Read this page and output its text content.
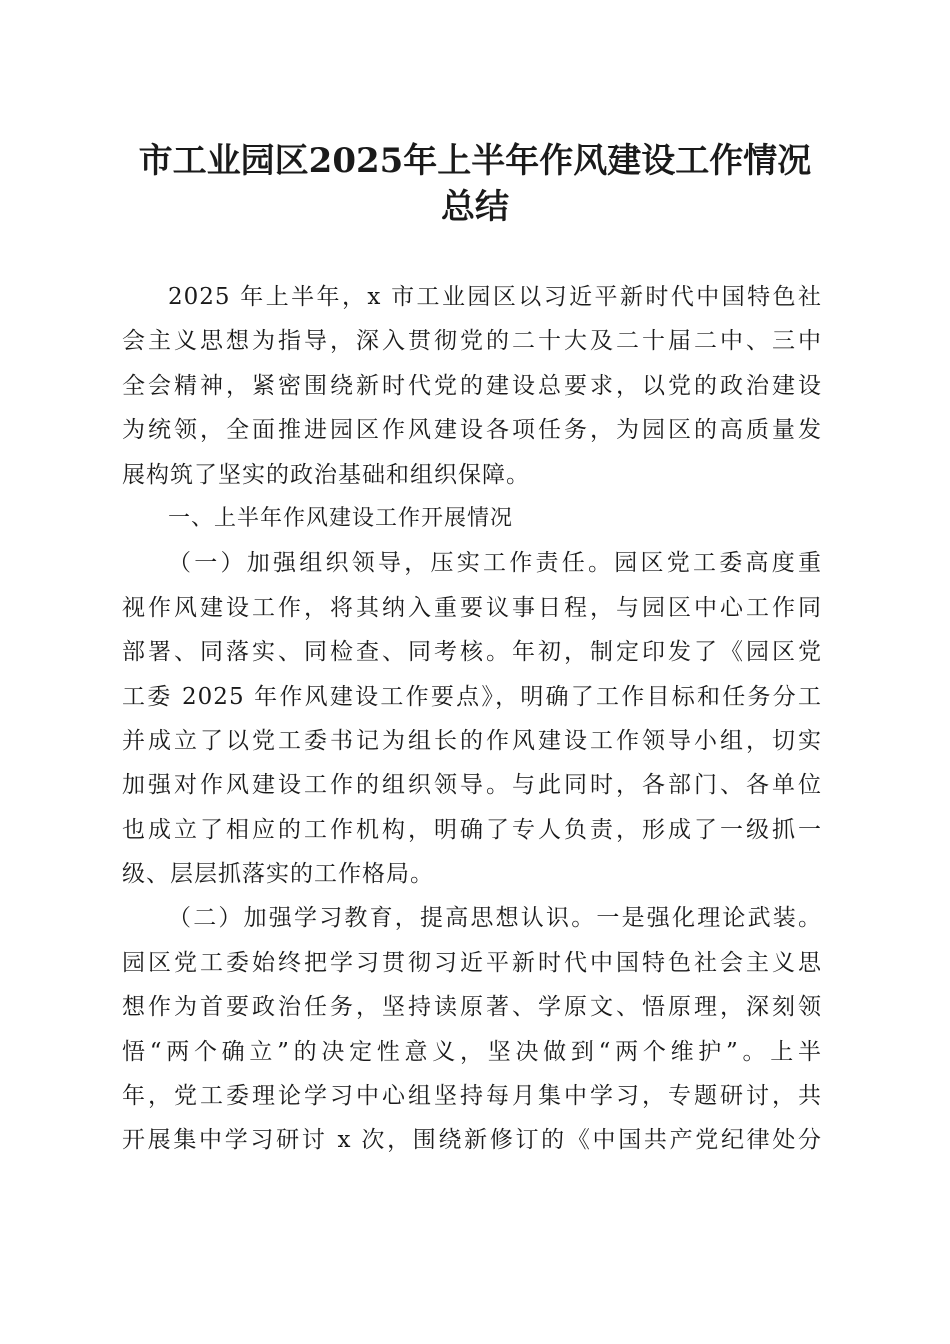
市工业园区2025年上半年作风建设工作情况
总结
2025 年上半年，x 市工业园区以习近平新时代中国特色社
会主义思想为指导，深入贯彻党的二十大及二十届二中、三中
全会精神，紧密围绕新时代党的建设总要求，以党的政治建设
为统领，全面推进园区作风建设各项任务，为园区的高质量发
展构筑了坚实的政治基础和组织保障。
一、上半年作风建设工作开展情况
（一）加强组织领导，压实工作责任。园区党工委高度重
视作风建设工作，将其纳入重要议事日程，与园区中心工作同
部署、同落实、同检查、同考核。年初，制定印发了《园区党
工委 2025 年作风建设工作要点》，明确了工作目标和任务分工
并成立了以党工委书记为组长的作风建设工作领导小组，切实
加强对作风建设工作的组织领导。与此同时，各部门、各单位
也成立了相应的工作机构，明确了专人负责，形成了一级抓一
级、层层抓落实的工作格局。
（二）加强学习教育，提高思想认识。一是强化理论武装。
园区党工委始终把学习贯彻习近平新时代中国特色社会主义思
想作为首要政治任务，坚持读原著、学原文、悟原理，深刻领
悟“两个确立”的决定性意义，坚决做到“两个维护”。上半
年，党工委理论学习中心组坚持每月集中学习，专题研讨，共
开展集中学习研讨 x 次，围绕新修订的《中国共产党纪律处分
